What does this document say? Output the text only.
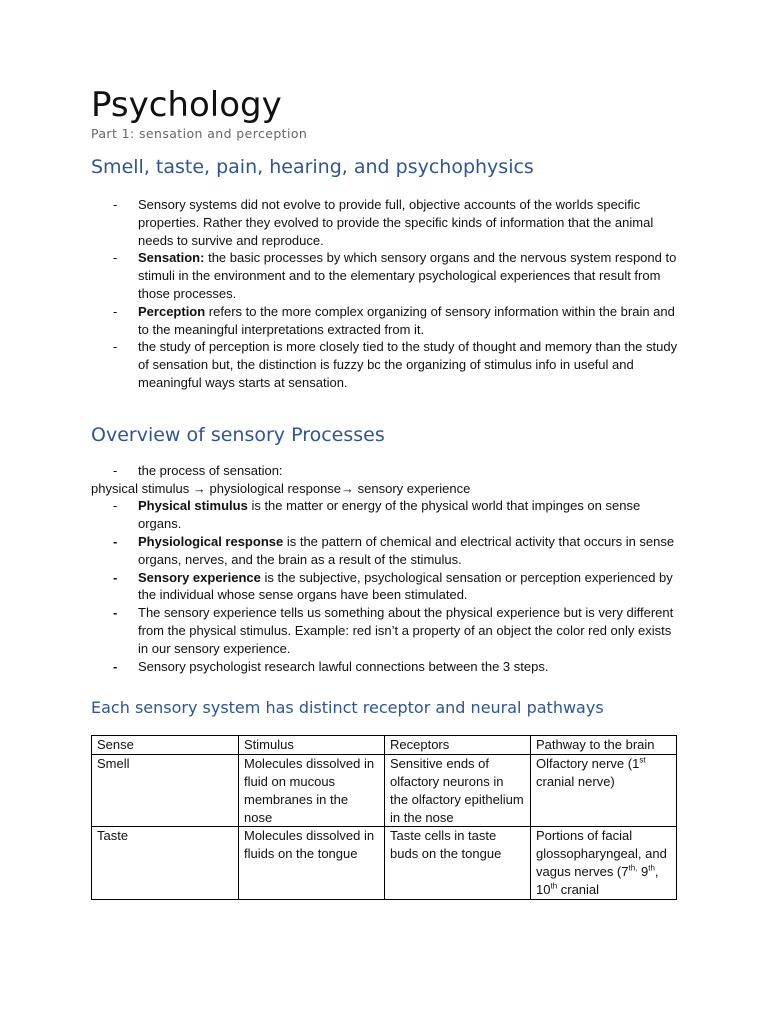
Psychology
Part 1: sensation and perception
Smell, taste, pain, hearing, and psychophysics
- Sensory systems did not evolve to provide full, objective accounts of the worlds specific properties. Rather they evolved to provide the specific kinds of information that the animal needs to survive and reproduce.
- Sensation: the basic processes by which sensory organs and the nervous system respond to stimuli in the environment and to the elementary psychological experiences that result from those processes.
- Perception refers to the more complex organizing of sensory information within the brain and to the meaningful interpretations extracted from it.
- the study of perception is more closely tied to the study of thought and memory than the study of sensation but, the distinction is fuzzy bc the organizing of stimulus info in useful and meaningful ways starts at sensation.
Overview of sensory Processes
- the process of sensation:
physical stimulus → physiological response→ sensory experience
- Physical stimulus is the matter or energy of the physical world that impinges on sense organs.
- Physiological response is the pattern of chemical and electrical activity that occurs in sense organs, nerves, and the brain as a result of the stimulus.
- Sensory experience is the subjective, psychological sensation or perception experienced by the individual whose sense organs have been stimulated.
- The sensory experience tells us something about the physical experience but is very different from the physical stimulus. Example: red isn’t a property of an object the color red only exists in our sensory experience.
- Sensory psychologist research lawful connections between the 3 steps.
Each sensory system has distinct receptor and neural pathways
Sense	Stimulus	Receptors	Pathway to the brain
Smell	Molecules dissolved in fluid on mucous membranes in the nose	Sensitive ends of olfactory neurons in the olfactory epithelium in the nose	Olfactory nerve (1st cranial nerve)
Taste	Molecules dissolved in fluids on the tongue	Taste cells in taste buds on the tongue	Portions of facial glossopharyngeal, and vagus nerves ($7^{th,}$ 9th, 10th cranial
